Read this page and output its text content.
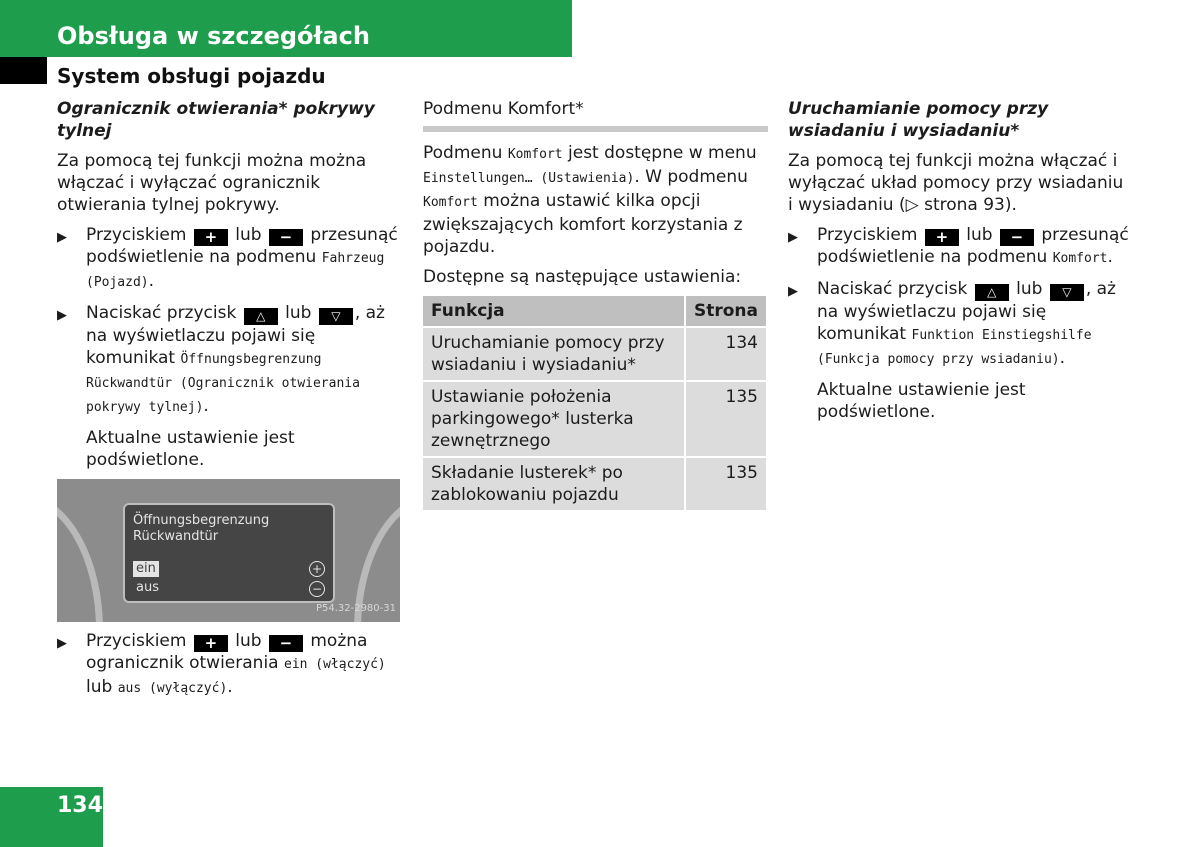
Obsługa w szczegółach
System obsługi pojazdu
Ogranicznik otwierania* pokrywy tylnej

Za pomocą tej funkcji można można włączać i wyłączać ogranicznik otwierania tylnej pokrywy.

▶ Przyciskiem + lub − przesunąć podświetlenie na podmenu Fahrzeug (Pojazd).
▶ Naciskać przycisk △ lub ▽ , aż na wyświetlaczu pojawi się komunikat Öffnungsbegrenzung Rückwandtür (Ogranicznik otwierania pokrywy tylnej).

Aktualne ustawienie jest podświetlone.

Öffnungsbegrenzung
Rückwandtür
ein
aus
+
−
P54.32-2980-31
▶ Przyciskiem + lub − można ogranicznik otwierania ein (włączyć) lub aus (wyłączyć).
Podmenu Komfort*

Podmenu Komfort jest dostępne w menu Einstellungen… (Ustawienia). W podmenu Komfort można ustawić kilka opcji zwiększających komfort korzystania z pojazdu.

Dostępne są następujące ustawienia:

Funkcja	Strona
Uruchamianie pomocy przy wsiadaniu i wysiadaniu*	134
Ustawianie położenia parkingowego* lusterka zewnętrznego	135
Składanie lusterek* po zablokowaniu pojazdu	135
Uruchamianie pomocy przy wsiadaniu i wysiadaniu*

Za pomocą tej funkcji można włączać i wyłączać układ pomocy przy wsiadaniu i wysiadaniu (▷ strona 93).

▶ Przyciskiem + lub − przesunąć podświetlenie na podmenu Komfort.
▶ Naciskać przycisk △ lub ▽ , aż na wyświetlaczu pojawi się komunikat Funktion Einstiegshilfe (Funkcja pomocy przy wsiadaniu).

Aktualne ustawienie jest podświetlone.

134
